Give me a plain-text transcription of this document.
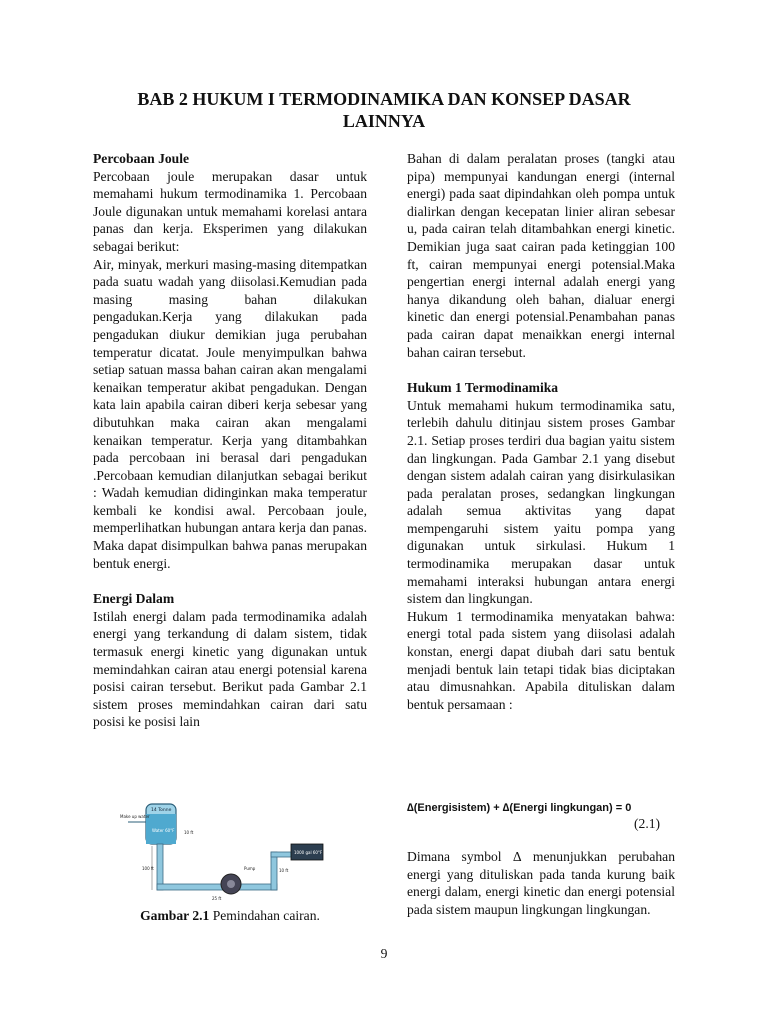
BAB 2 HUKUM I TERMODINAMIKA DAN KONSEP DASAR
LAINNYA

Percobaan Joule

Percobaan joule merupakan dasar untuk memahami hukum termodinamika 1. Percobaan Joule digunakan untuk memahami korelasi antara panas dan kerja. Eksperimen yang dilakukan sebagai berikut:

Air, minyak, merkuri masing-masing ditempatkan pada suatu wadah yang diisolasi.Kemudian pada masing masing bahan dilakukan pengadukan.Kerja yang dilakukan pada pengadukan diukur demikian juga perubahan temperatur dicatat. Joule menyimpulkan bahwa setiap satuan massa bahan cairan akan mengalami kenaikan temperatur akibat pengadukan. Dengan kata lain apabila cairan diberi kerja sebesar yang dibutuhkan maka cairan akan mengalami kenaikan temperatur. Kerja yang ditambahkan pada percobaan ini berasal dari pengadukan .Percobaan kemudian dilanjutkan sebagai berikut : Wadah kemudian didinginkan maka temperatur kembali ke kondisi awal. Percobaan joule, memperlihatkan hubungan antara kerja dan panas. Maka dapat disimpulkan bahwa panas merupakan bentuk energi.

Energi Dalam

Istilah energi dalam pada termodinamika adalah energi yang terkandung di dalam sistem, tidak termasuk energi kinetic yang digunakan untuk memindahkan cairan atau energi potensial karena posisi cairan tersebut. Berikut pada Gambar 2.1 sistem proses memindahkan cairan dari satu posisi ke posisi lain

14 Tonne
Water 60°F
Make up water
Pump
1000 gal 60°F
100 ft
10 ft
10 ft
25 ft
Gambar 2.1 Pemindahan cairan.

Bahan di dalam peralatan proses (tangki atau pipa) mempunyai kandungan energi (internal energi) pada saat dipindahkan oleh pompa untuk dialirkan dengan kecepatan linier aliran sebesar u, pada cairan telah ditambahkan energi kinetic. Demikian juga saat cairan pada ketinggian 100 ft, cairan mempunyai energi potensial.Maka pengertian energi internal adalah energi yang hanya dikandung oleh bahan, dialuar energi kinetic dan energi potensial.Penambahan panas pada cairan dapat menaikkan energi internal bahan cairan tersebut.

Hukum 1 Termodinamika

Untuk memahami hukum termodinamika satu, terlebih dahulu ditinjau sistem proses Gambar 2.1. Setiap proses terdiri dua bagian yaitu sistem dan lingkungan. Pada Gambar 2.1 yang disebut dengan sistem adalah cairan yang disirkulasikan pada peralatan proses, sedangkan lingkungan adalah semua aktivitas yang dapat mempengaruhi sistem yaitu pompa yang digunakan untuk sirkulasi. Hukum 1 termodinamika merupakan dasar untuk memahami interaksi hubungan antara energi sistem dan lingkungan.

Hukum 1 termodinamika menyatakan bahwa: energi total pada sistem yang diisolasi adalah konstan, energi dapat diubah dari satu bentuk menjadi bentuk lain tetapi tidak bias diciptakan atau dimusnahkan. Apabila dituliskan dalam bentuk persamaan :

∆(Energisistem) + ∆(Energi lingkungan) = 0
(2.1)

Dimana symbol ∆ menunjukkan perubahan energi yang dituliskan pada tanda kurung baik energi dalam, energi kinetic dan energi potensial pada sistem maupun lingkungan lingkungan.

9
